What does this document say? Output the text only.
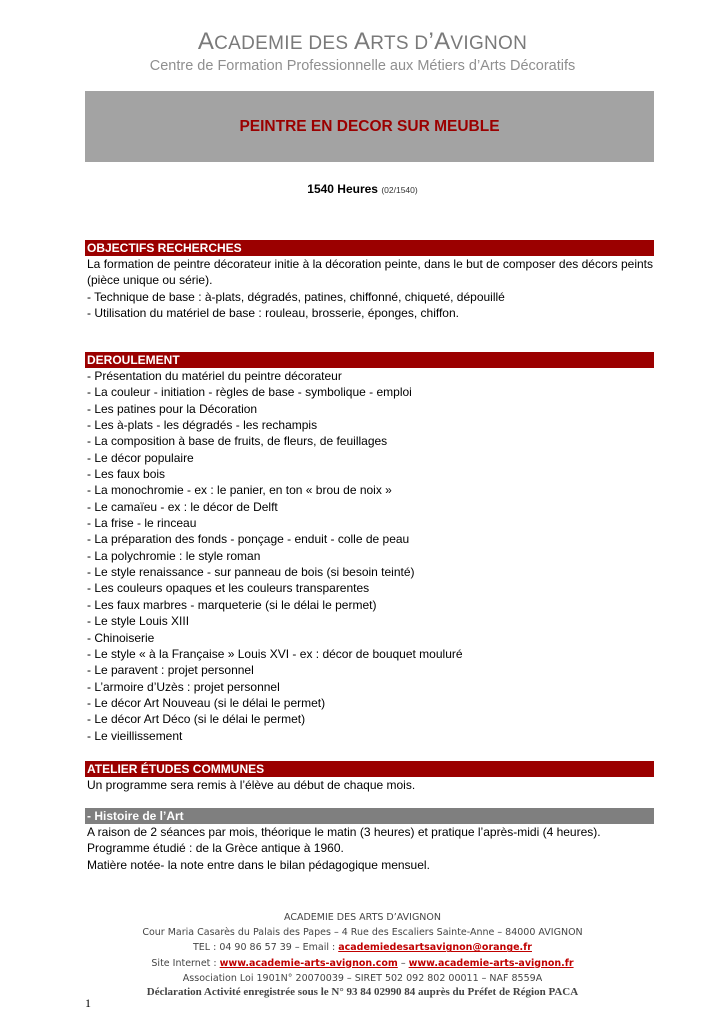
ACADEMIE DES ARTS D’AVIGNON
Centre de Formation Professionnelle aux Métiers d’Arts Décoratifs
PEINTRE EN DECOR SUR MEUBLE
1540 Heures (02/1540)
OBJECTIFS RECHERCHES
La formation de peintre décorateur initie à la décoration peinte, dans le but de composer des décors peints (pièce unique ou série).
- Technique de base : à-plats, dégradés, patines, chiffonné, chiqueté, dépouillé
- Utilisation du matériel de base : rouleau, brosserie, éponges, chiffon.
DEROULEMENT
- Présentation du matériel du peintre décorateur
- La couleur - initiation - règles de base - symbolique - emploi
- Les patines pour la Décoration
- Les à-plats - les dégradés - les rechampis
- La composition à base de fruits, de fleurs, de feuillages
- Le décor populaire
- Les faux bois
- La monochromie - ex : le panier, en ton « brou de noix »
- Le camaïeu - ex : le décor de Delft
- La frise - le rinceau
- La préparation des fonds - ponçage - enduit - colle de peau
- La polychromie : le style roman
- Le style renaissance - sur panneau de bois (si besoin teinté)
- Les couleurs opaques et les couleurs transparentes
- Les faux marbres - marqueterie (si le délai le permet)
- Le style Louis XIII
- Chinoiserie
- Le style « à la Française » Louis XVI - ex : décor de bouquet mouluré
- Le paravent : projet personnel
- L’armoire d’Uzès : projet personnel
- Le décor Art Nouveau (si le délai le permet)
- Le décor Art Déco (si le délai le permet)
- Le vieillissement
ATELIER ÉTUDES COMMUNES
Un programme sera remis à l’élève au début de chaque mois.
- Histoire de l’Art
A raison de 2 séances par mois, théorique le matin (3 heures) et pratique l’après-midi (4 heures).
Programme étudié : de la Grèce antique à 1960.
Matière notée- la note entre dans le bilan pédagogique mensuel.
ACADEMIE DES ARTS D’AVIGNON
Cour Maria Casarès du Palais des Papes – 4 Rue des Escaliers Sainte-Anne – 84000 AVIGNON
TEL : 04 90 86 57 39 – Email : academiedesartsavignon@orange.fr
Site Internet : www.academie-arts-avignon.com – www.academie-arts-avignon.fr
Association Loi 1901N° 20070039 – SIRET 502 092 802 00011 – NAF 8559A
Déclaration Activité enregistrée sous le N° 93 84 02990 84 auprès du Préfet de Région PACA
1
